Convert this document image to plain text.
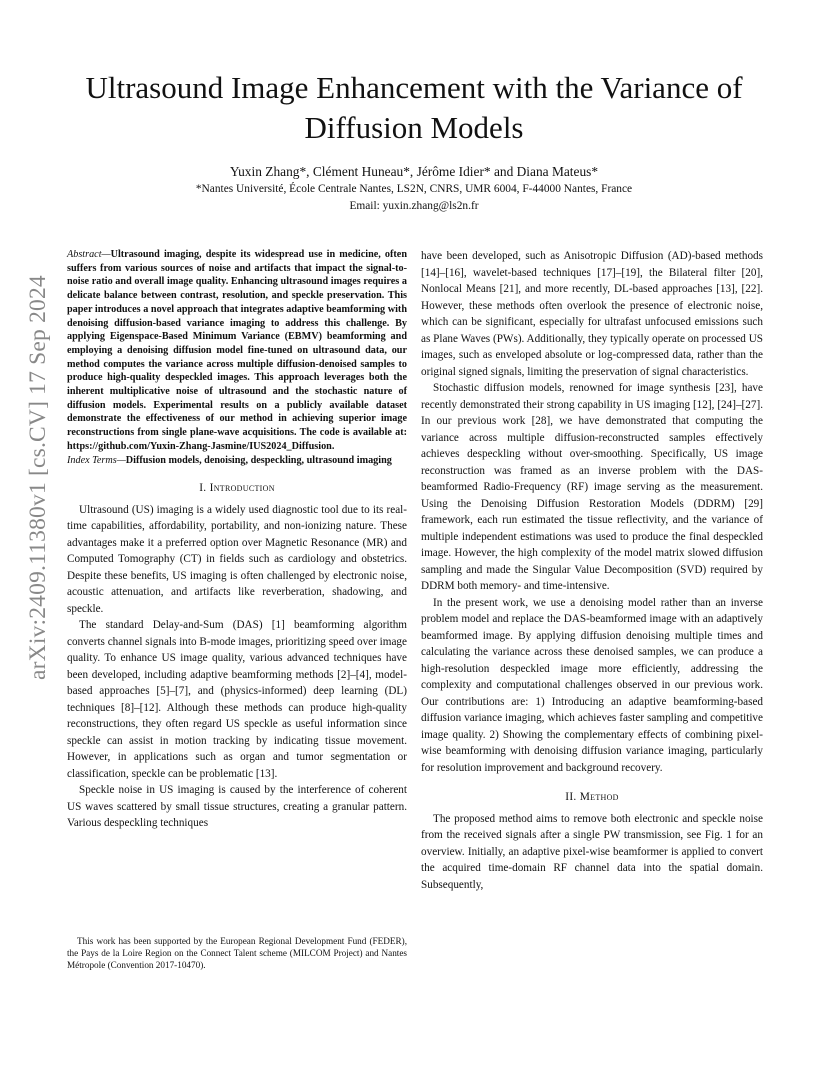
Ultrasound Image Enhancement with the Variance of Diffusion Models
Yuxin Zhang*, Clément Huneau*, Jérôme Idier* and Diana Mateus*
*Nantes Université, École Centrale Nantes, LS2N, CNRS, UMR 6004, F-44000 Nantes, France
Email: yuxin.zhang@ls2n.fr
arXiv:2409.11380v1 [cs.CV] 17 Sep 2024

Abstract—Ultrasound imaging, despite its widespread use in medicine, often suffers from various sources of noise and artifacts that impact the signal-to-noise ratio and overall image quality. Enhancing ultrasound images requires a delicate balance between contrast, resolution, and speckle preservation. This paper introduces a novel approach that integrates adaptive beamforming with denoising diffusion-based variance imaging to address this challenge. By applying Eigenspace-Based Minimum Variance (EBMV) beamforming and employing a denoising diffusion model fine-tuned on ultrasound data, our method computes the variance across multiple diffusion-denoised samples to produce high-quality despeckled images. This approach leverages both the inherent multiplicative noise of ultrasound and the stochastic nature of diffusion models. Experimental results on a publicly available dataset demonstrate the effectiveness of our method in achieving superior image reconstructions from single plane-wave acquisitions. The code is available at: https://github.com/Yuxin-Zhang-Jasmine/IUS2024_Diffusion.

Index Terms—Diffusion models, denoising, despeckling, ultrasound imaging

I. Introduction

Ultrasound (US) imaging is a widely used diagnostic tool due to its real-time capabilities, affordability, portability, and non-ionizing nature. These advantages make it a preferred option over Magnetic Resonance (MR) and Computed Tomography (CT) in fields such as cardiology and obstetrics. Despite these benefits, US imaging is often challenged by electronic noise, acoustic attenuation, and artifacts like reverberation, shadowing, and speckle.

The standard Delay-and-Sum (DAS) [1] beamforming algorithm converts channel signals into B-mode images, prioritizing speed over image quality. To enhance US image quality, various advanced techniques have been developed, including adaptive beamforming methods [2]–[4], model-based approaches [5]–[7], and (physics-informed) deep learning (DL) techniques [8]–[12]. Although these methods can produce high-quality reconstructions, they often regard US speckle as useful information since speckle can assist in motion tracking by indicating tissue movement. However, in applications such as organ and tumor segmentation or classification, speckle can be problematic [13].

Speckle noise in US imaging is caused by the interference of coherent US waves scattered by small tissue structures, creating a granular pattern. Various despeckling techniques

This work has been supported by the European Regional Development Fund (FEDER), the Pays de la Loire Region on the Connect Talent scheme (MILCOM Project) and Nantes Métropole (Convention 2017-10470).

have been developed, such as Anisotropic Diffusion (AD)-based methods [14]–[16], wavelet-based techniques [17]–[19], the Bilateral filter [20], Nonlocal Means [21], and more recently, DL-based approaches [13], [22]. However, these methods often overlook the presence of electronic noise, which can be significant, especially for ultrafast unfocused emissions such as Plane Waves (PWs). Additionally, they typically operate on processed US images, such as enveloped absolute or log-compressed data, rather than the original signed signals, limiting the preservation of signal characteristics.

Stochastic diffusion models, renowned for image synthesis [23], have recently demonstrated their strong capability in US imaging [12], [24]–[27]. In our previous work [28], we have demonstrated that computing the variance across multiple diffusion-reconstructed samples effectively achieves despeckling without over-smoothing. Specifically, US image reconstruction was framed as an inverse problem with the DAS-beamformed Radio-Frequency (RF) image serving as the measurement. Using the Denoising Diffusion Restoration Models (DDRM) [29] framework, each run estimated the tissue reflectivity, and the variance of multiple independent estimations was used to produce the final despeckled image. However, the high complexity of the model matrix slowed diffusion sampling and made the Singular Value Decomposition (SVD) required by DDRM both memory- and time-intensive.

In the present work, we use a denoising model rather than an inverse problem model and replace the DAS-beamformed image with an adaptively beamformed image. By applying diffusion denoising multiple times and calculating the variance across these denoised samples, we can produce a high-resolution despeckled image more efficiently, addressing the complexity and computational challenges observed in our previous work. Our contributions are: 1) Introducing an adaptive beamforming-based diffusion variance imaging, which achieves faster sampling and competitive image quality. 2) Showing the complementary effects of combining pixel-wise beamforming with denoising diffusion variance imaging, particularly for resolution improvement and background recovery.

II. Method

The proposed method aims to remove both electronic and speckle noise from the received signals after a single PW transmission, see Fig. 1 for an overview. Initially, an adaptive pixel-wise beamformer is applied to convert the acquired time-domain RF channel data into the spatial domain. Subsequently,
